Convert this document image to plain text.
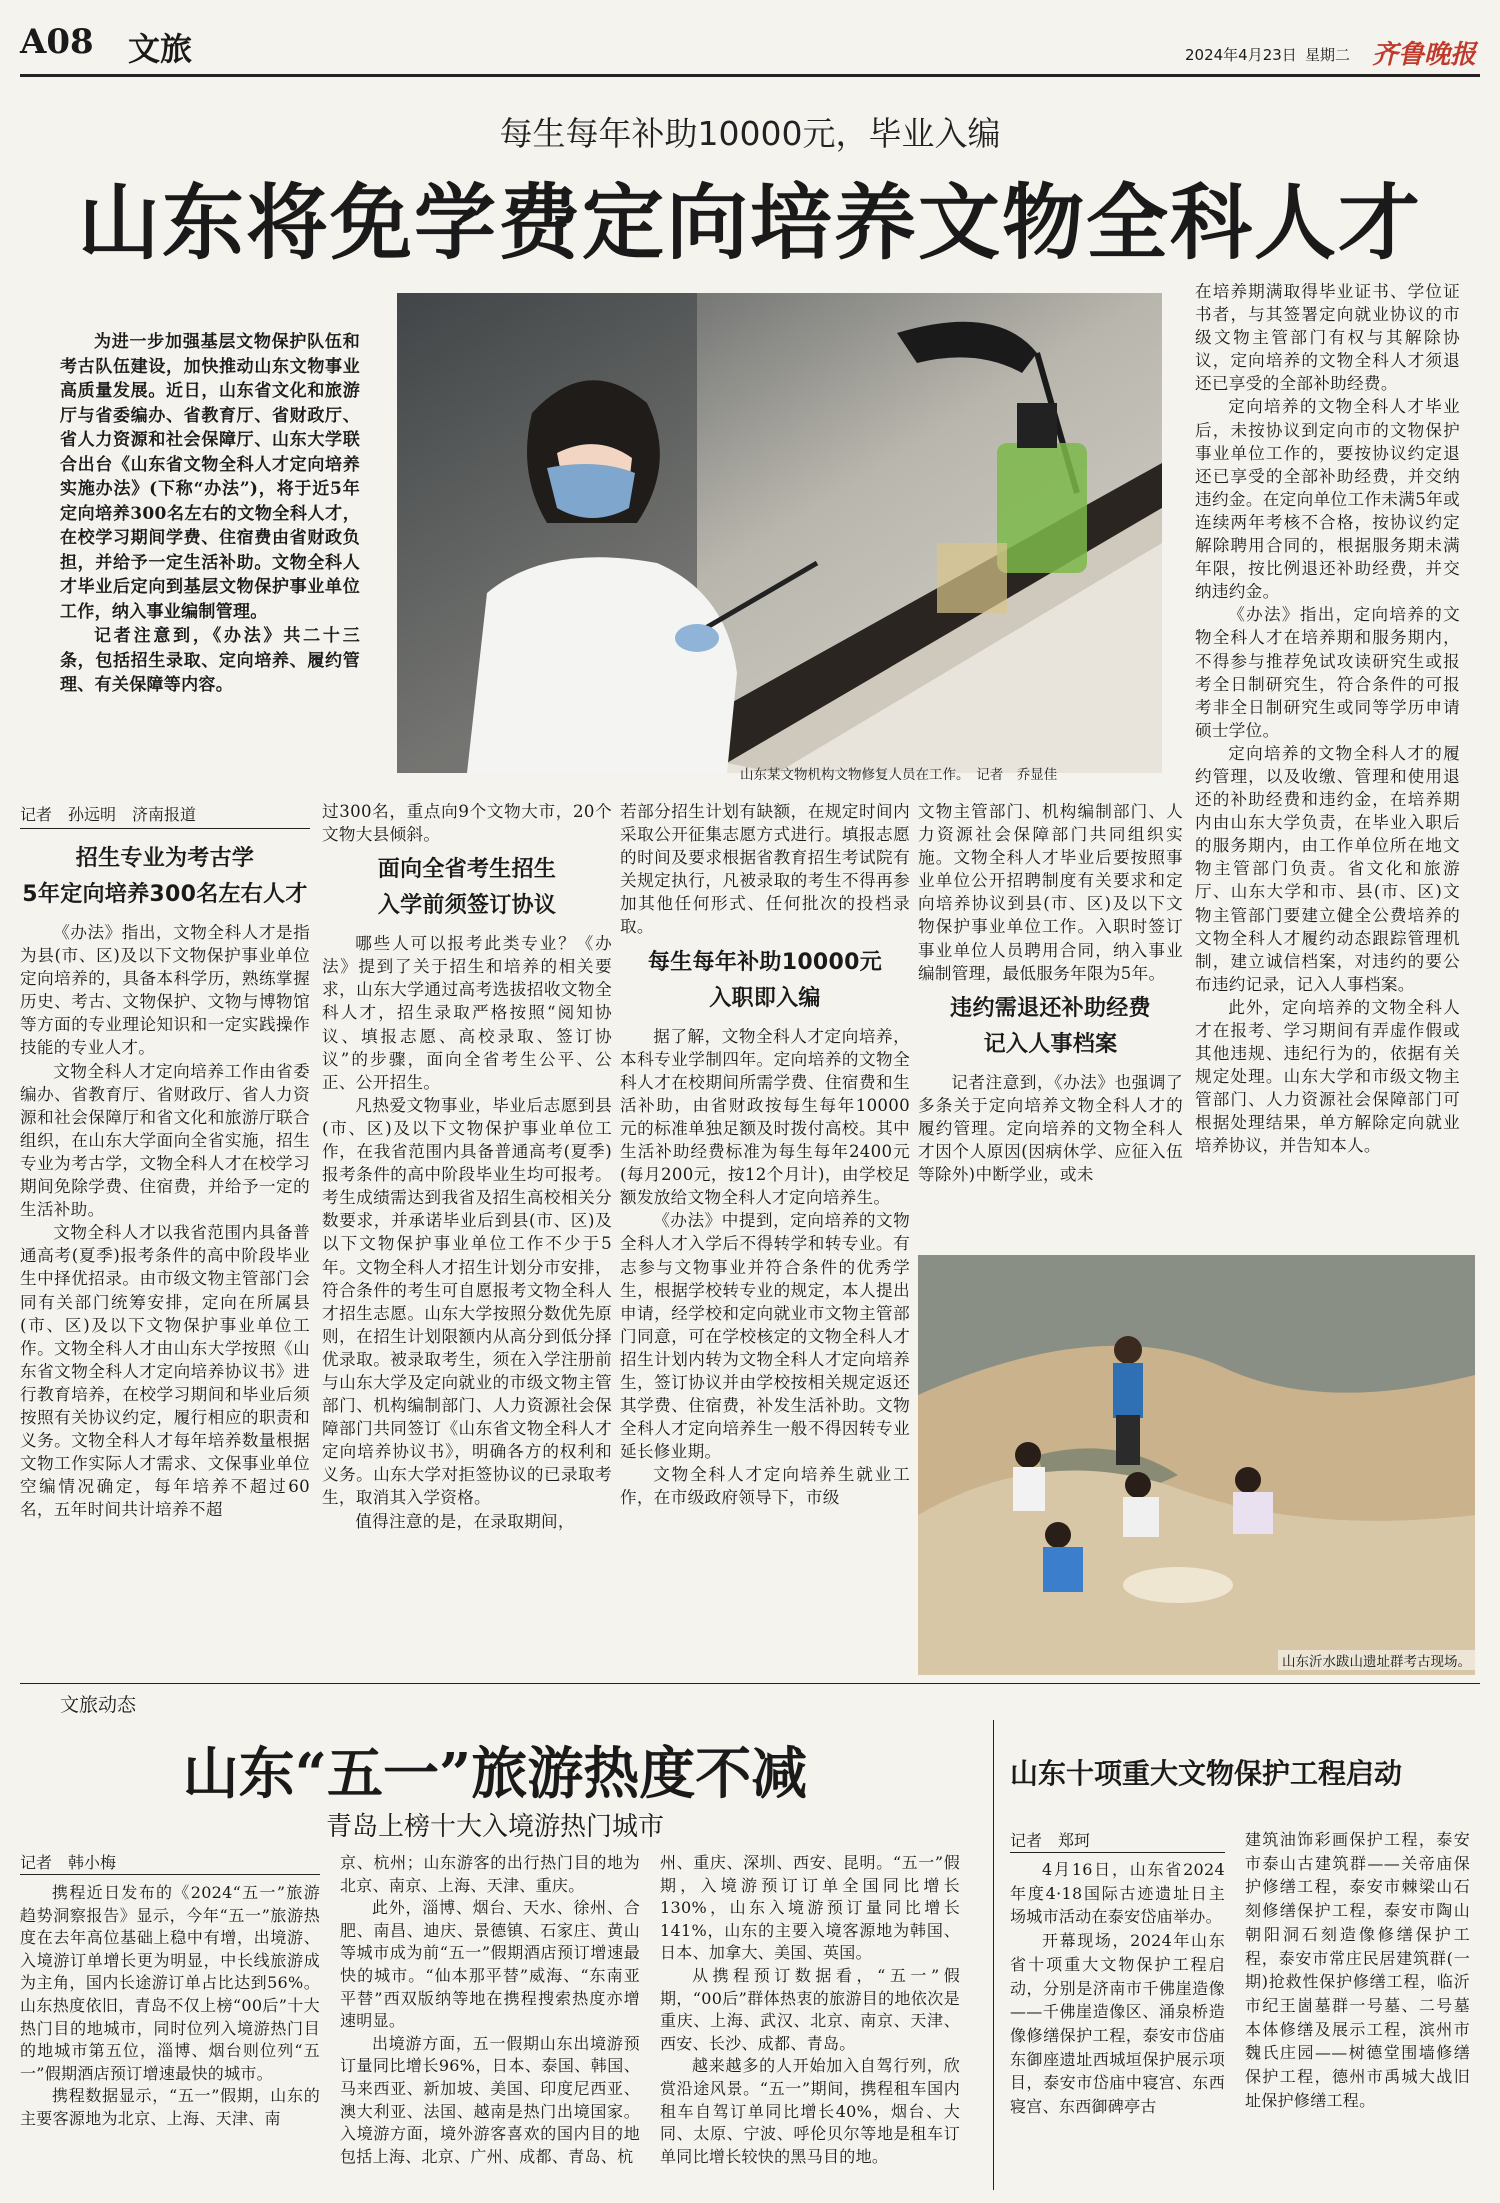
A08 文旅	2024年4月23日 星期二 齐鲁晚报
每生每年补助10000元，毕业入编
山东将免学费定向培养文物全科人才

为进一步加强基层文物保护队伍和考古队伍建设，加快推动山东文物事业高质量发展。近日，山东省文化和旅游厅与省委编办、省教育厅、省财政厅、省人力资源和社会保障厅、山东大学联合出台《山东省文物全科人才定向培养实施办法》(下称“办法”)，将于近5年定向培养300名左右的文物全科人才，在校学习期间学费、住宿费由省财政负担，并给予一定生活补助。文物全科人才毕业后定向到基层文物保护事业单位工作，纳入事业编制管理。

记者注意到，《办法》共二十三条，包括招生录取、定向培养、履约管理、有关保障等内容。

山东某文物机构文物修复人员在工作。　记者　乔显佳

在培养期满取得毕业证书、学位证书者，与其签署定向就业协议的市级文物主管部门有权与其解除协议，定向培养的文物全科人才须退还已享受的全部补助经费。

定向培养的文物全科人才毕业后，未按协议到定向市的文物保护事业单位工作的，要按协议约定退还已享受的全部补助经费，并交纳违约金。在定向单位工作未满5年或连续两年考核不合格，按协议约定解除聘用合同的，根据服务期未满年限，按比例退还补助经费，并交纳违约金。

《办法》指出，定向培养的文物全科人才在培养期和服务期内，不得参与推荐免试攻读研究生或报考全日制研究生，符合条件的可报考非全日制研究生或同等学历申请硕士学位。

定向培养的文物全科人才的履约管理，以及收缴、管理和使用退还的补助经费和违约金，在培养期内由山东大学负责，在毕业入职后的服务期内，由工作单位所在地文物主管部门负责。省文化和旅游厅、山东大学和市、县(市、区)文物主管部门要建立健全公费培养的文物全科人才履约动态跟踪管理机制，建立诚信档案，对违约的要公布违约记录，记入人事档案。

此外，定向培养的文物全科人才在报考、学习期间有弄虚作假或其他违规、违纪行为的，依据有关规定处理。山东大学和市级文物主管部门、人力资源社会保障部门可根据处理结果，单方解除定向就业培养协议，并告知本人。

记者　孙远明　济南报道
招生专业为考古学
5年定向培养300名左右人才

《办法》指出，文物全科人才是指为县(市、区)及以下文物保护事业单位定向培养的，具备本科学历，熟练掌握历史、考古、文物保护、文物与博物馆等方面的专业理论知识和一定实践操作技能的专业人才。

文物全科人才定向培养工作由省委编办、省教育厅、省财政厅、省人力资源和社会保障厅和省文化和旅游厅联合组织，在山东大学面向全省实施，招生专业为考古学，文物全科人才在校学习期间免除学费、住宿费，并给予一定的生活补助。

文物全科人才以我省范围内具备普通高考(夏季)报考条件的高中阶段毕业生中择优招录。由市级文物主管部门会同有关部门统筹安排，定向在所属县(市、区)及以下文物保护事业单位工作。文物全科人才由山东大学按照《山东省文物全科人才定向培养协议书》进行教育培养，在校学习期间和毕业后须按照有关协议约定，履行相应的职责和义务。文物全科人才每年培养数量根据文物工作实际人才需求、文保事业单位空编情况确定，每年培养不超过60名，五年时间共计培养不超

过300名，重点向9个文物大市，20个文物大县倾斜。

面向全省考生招生
入学前须签订协议

哪些人可以报考此类专业？《办法》提到了关于招生和培养的相关要求，山东大学通过高考选拔招收文物全科人才，招生录取严格按照“阅知协议、填报志愿、高校录取、签订协议”的步骤，面向全省考生公平、公正、公开招生。

凡热爱文物事业，毕业后志愿到县(市、区)及以下文物保护事业单位工作，在我省范围内具备普通高考(夏季)报考条件的高中阶段毕业生均可报考。考生成绩需达到我省及招生高校相关分数要求，并承诺毕业后到县(市、区)及以下文物保护事业单位工作不少于5年。文物全科人才招生计划分市安排，符合条件的考生可自愿报考文物全科人才招生志愿。山东大学按照分数优先原则，在招生计划限额内从高分到低分择优录取。被录取考生，须在入学注册前与山东大学及定向就业的市级文物主管部门、机构编制部门、人力资源社会保障部门共同签订《山东省文物全科人才定向培养协议书》，明确各方的权利和义务。山东大学对拒签协议的已录取考生，取消其入学资格。

值得注意的是，在录取期间，

若部分招生计划有缺额，在规定时间内采取公开征集志愿方式进行。填报志愿的时间及要求根据省教育招生考试院有关规定执行，凡被录取的考生不得再参加其他任何形式、任何批次的投档录取。

每生每年补助10000元
入职即入编

据了解，文物全科人才定向培养，本科专业学制四年。定向培养的文物全科人才在校期间所需学费、住宿费和生活补助，由省财政按每生每年10000元的标准单独足额及时拨付高校。其中生活补助经费标准为每生每年2400元(每月200元，按12个月计)，由学校足额发放给文物全科人才定向培养生。

《办法》中提到，定向培养的文物全科人才入学后不得转学和转专业。有志参与文物事业并符合条件的优秀学生，根据学校转专业的规定，本人提出申请，经学校和定向就业市文物主管部门同意，可在学校核定的文物全科人才招生计划内转为文物全科人才定向培养生，签订协议并由学校按相关规定返还其学费、住宿费，补发生活补助。文物全科人才定向培养生一般不得因转专业延长修业期。

文物全科人才定向培养生就业工作，在市级政府领导下，市级

文物主管部门、机构编制部门、人力资源社会保障部门共同组织实施。文物全科人才毕业后要按照事业单位公开招聘制度有关要求和定向培养协议到县(市、区)及以下文物保护事业单位工作。入职时签订事业单位人员聘用合同，纳入事业编制管理，最低服务年限为5年。

违约需退还补助经费
记入人事档案

记者注意到，《办法》也强调了多条关于定向培养文物全科人才的履约管理。定向培养的文物全科人才因个人原因(因病休学、应征入伍等除外)中断学业，或未

山东沂水跋山遗址群考古现场。
文旅动态
山东“五一”旅游热度不减
青岛上榜十大入境游热门城市
记者　韩小梅

携程近日发布的《2024“五一”旅游趋势洞察报告》显示，今年“五一”旅游热度在去年高位基础上稳中有增，出境游、入境游订单增长更为明显，中长线旅游成为主角，国内长途游订单占比达到56%。山东热度依旧，青岛不仅上榜“00后”十大热门目的地城市，同时位列入境游热门目的地城市第五位，淄博、烟台则位列“五一”假期酒店预订增速最快的城市。

携程数据显示，“五一”假期，山东的主要客源地为北京、上海、天津、南

京、杭州；山东游客的出行热门目的地为北京、南京、上海、天津、重庆。

此外，淄博、烟台、天水、徐州、合肥、南昌、迪庆、景德镇、石家庄、黄山等城市成为前“五一”假期酒店预订增速最快的城市。“仙本那平替”威海、“东南亚平替”西双版纳等地在携程搜索热度亦增速明显。

出境游方面，五一假期山东出境游预订量同比增长96%，日本、泰国、韩国、马来西亚、新加坡、美国、印度尼西亚、澳大利亚、法国、越南是热门出境国家。入境游方面，境外游客喜欢的国内目的地包括上海、北京、广州、成都、青岛、杭

州、重庆、深圳、西安、昆明。“五一”假期，入境游预订订单全国同比增长130%，山东入境游预订量同比增长141%，山东的主要入境客源地为韩国、日本、加拿大、美国、英国。

从携程预订数据看，“五一”假期，“00后”群体热衷的旅游目的地依次是重庆、上海、武汉、北京、南京、天津、西安、长沙、成都、青岛。

越来越多的人开始加入自驾行列，欣赏沿途风景。“五一”期间，携程租车国内租车自驾订单同比增长40%，烟台、大同、太原、宁波、呼伦贝尔等地是租车订单同比增长较快的黑马目的地。

山东十项重大文物保护工程启动
记者　郑珂

4月16日，山东省2024年度4·18国际古迹遗址日主场城市活动在泰安岱庙举办。

开幕现场，2024年山东省十项重大文物保护工程启动，分别是济南市千佛崖造像——千佛崖造像区、涌泉桥造像修缮保护工程，泰安市岱庙东御座遗址西城垣保护展示项目，泰安市岱庙中寝宫、东西寝宫、东西御碑亭古

建筑油饰彩画保护工程，泰安市泰山古建筑群——关帝庙保护修缮工程，泰安市棘梁山石刻修缮保护工程，泰安市陶山朝阳洞石刻造像修缮保护工程，泰安市常庄民居建筑群(一期)抢救性保护修缮工程，临沂市纪王崮墓群一号墓、二号墓本体修缮及展示工程，滨州市魏氏庄园——树德堂围墙修缮保护工程，德州市禹城大战旧址保护修缮工程。
